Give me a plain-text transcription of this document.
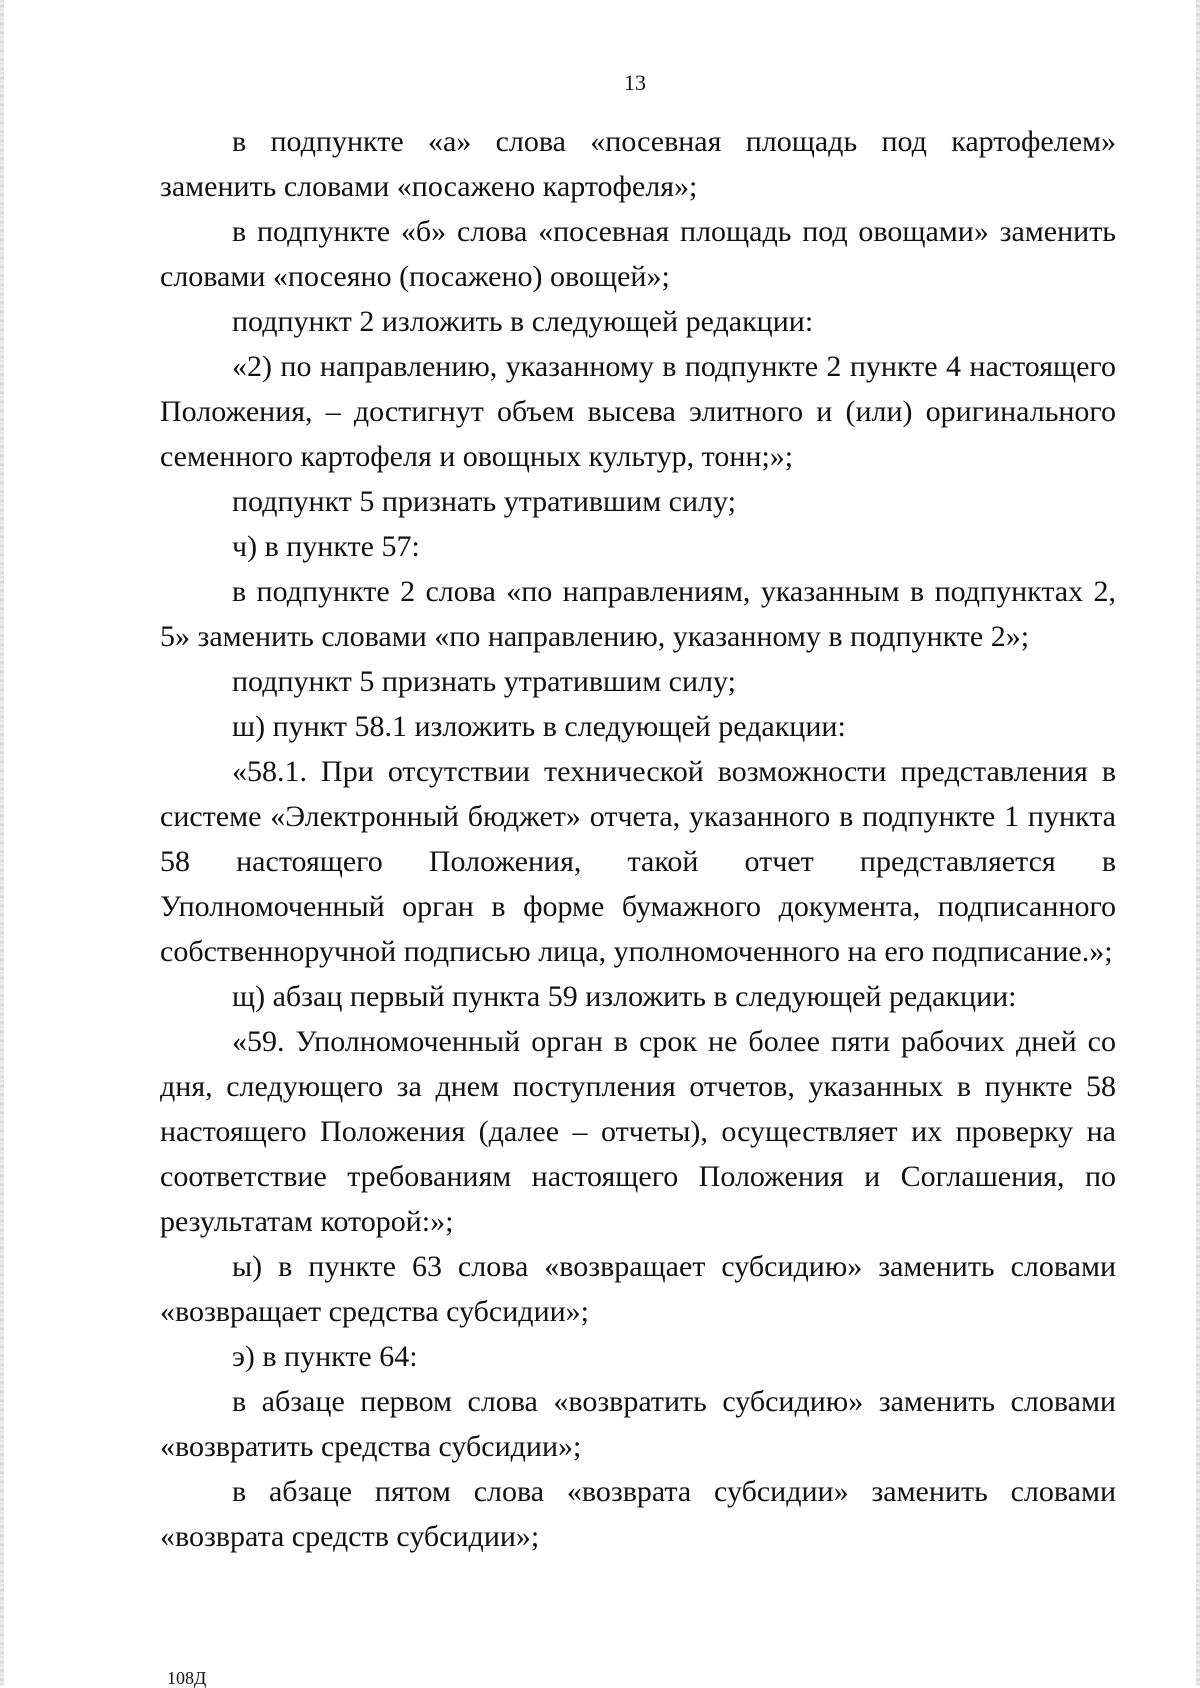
13

в подпункте «а» слова «посевная площадь под картофелем» заменить словами «посажено картофеля»;

в подпункте «б» слова «посевная площадь под овощами» заменить словами «посеяно (посажено) овощей»;

подпункт 2 изложить в следующей редакции:

«2) по направлению, указанному в подпункте 2 пункте 4 настоящего Положения, – достигнут объем высева элитного и (или) оригинального семенного картофеля и овощных культур, тонн;»;

подпункт 5 признать утратившим силу;

ч) в пункте 57:

в подпункте 2 слова «по направлениям, указанным в подпунктах 2, 5» заменить словами «по направлению, указанному в подпункте 2»;

подпункт 5 признать утратившим силу;

ш) пункт 58.1 изложить в следующей редакции:

«58.1. При отсутствии технической возможности представления в системе «Электронный бюджет» отчета, указанного в подпункте 1 пункта 58 настоящего Положения, такой отчет представляется в Уполномоченный орган в форме бумажного документа, подписанного собственноручной подписью лица, уполномоченного на его подписание.»;

щ) абзац первый пункта 59 изложить в следующей редакции:

«59. Уполномоченный орган в срок не более пяти рабочих дней со дня, следующего за днем поступления отчетов, указанных в пункте 58 настоящего Положения (далее – отчеты), осуществляет их проверку на соответствие требованиям настоящего Положения и Соглашения, по результатам которой:»;

ы) в пункте 63 слова «возвращает субсидию» заменить словами «возвращает средства субсидии»;

э) в пункте 64:

в абзаце первом слова «возвратить субсидию» заменить словами «возвратить средства субсидии»;

в абзаце пятом слова «возврата субсидии» заменить словами «возврата средств субсидии»;

108Д
